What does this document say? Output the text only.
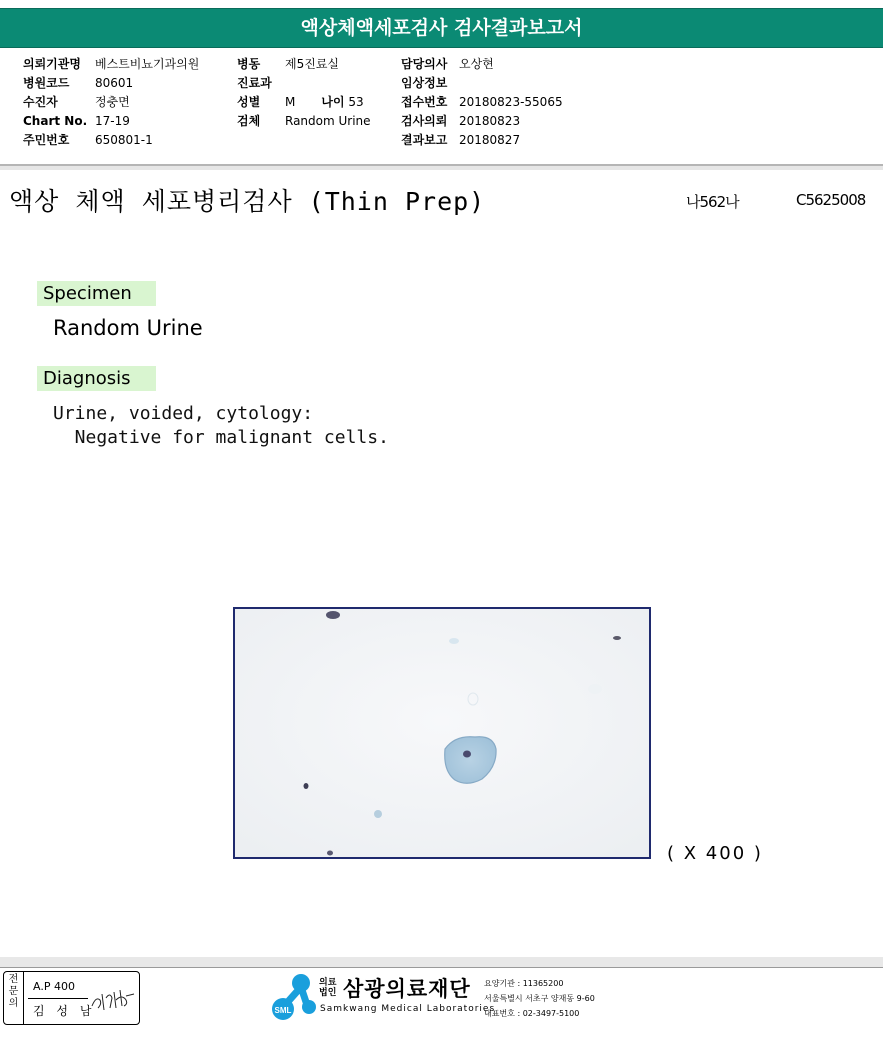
액상체액세포검사 검사결과보고서
의뢰기관명 베스트비뇨기과의원
병원코드 80601
수진자	정충면
Chart No. 17-19
주민번호 650801-1
병동 제5진료실
진료과
성별 M 나이 53
검체 Random Urine
담당의사 오상현
임상정보
접수번호 20180823-55065
검사의뢰 20180823
결과보고 20180827
액상 체액 세포병리검사 (Thin Prep)	나562나	C5625008
Specimen
Random Urine
Diagnosis
Urine, voided, cytology:
Negative for malignant cells.
( X 400 )
전
문
의
A.P 400
김 성 남	SML
의료
법인 삼광의료재단
Samkwang Medical Laboratories
요양기관 : 11365200
서울특별시 서초구 양재동 9-60
대표번호 : 02-3497-5100
